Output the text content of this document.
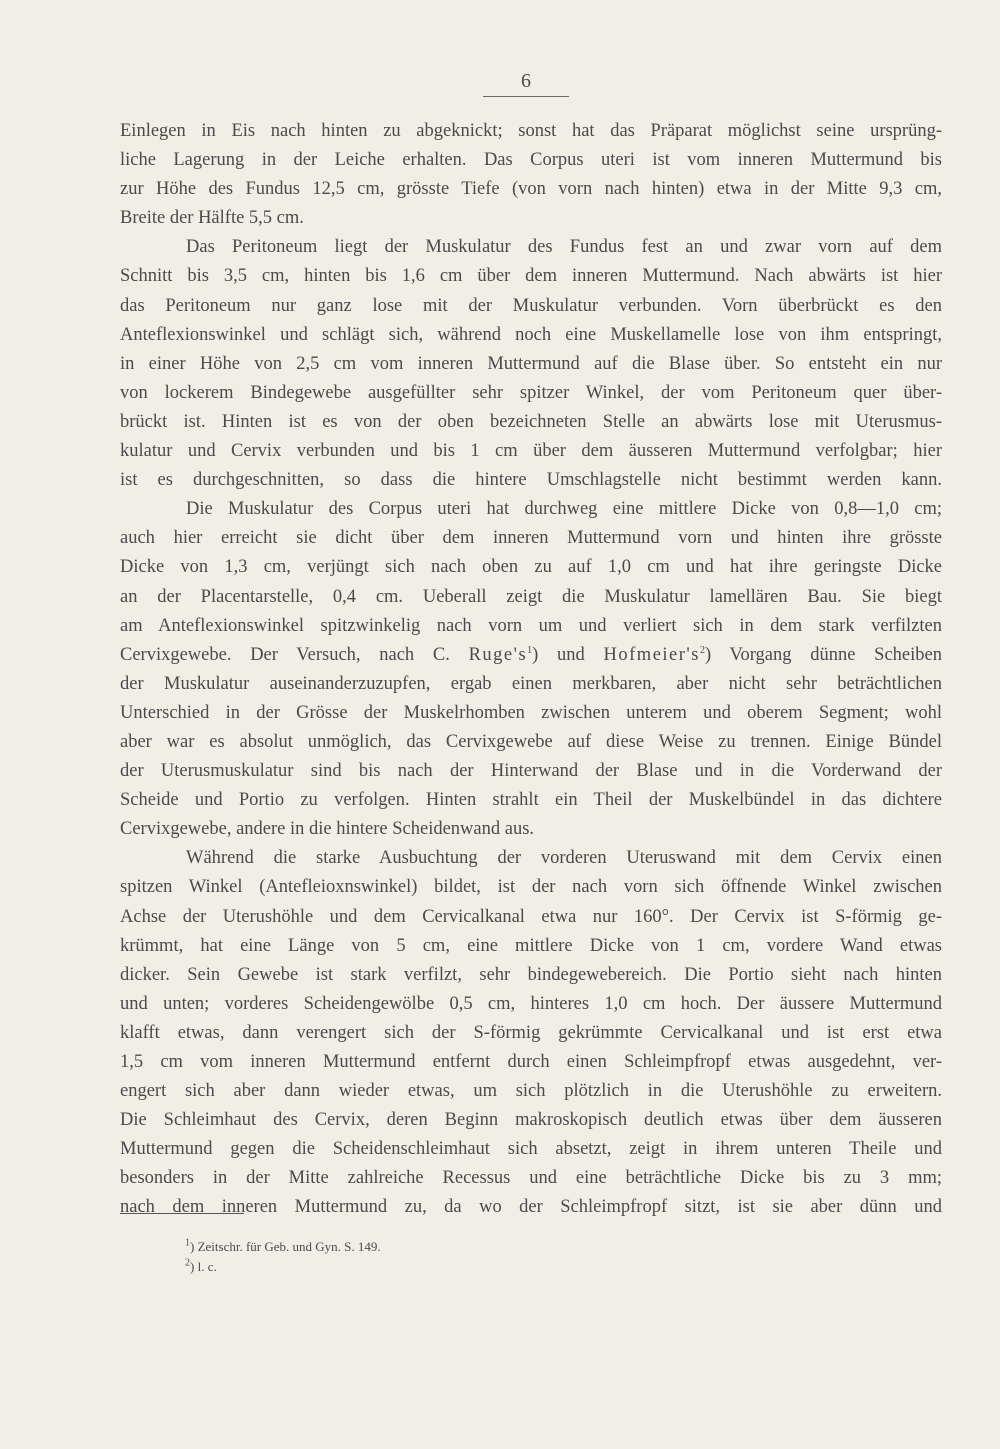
6
Einlegen in Eis nach hinten zu abgeknickt; sonst hat das Präparat möglichst seine ursprüng-
liche Lagerung in der Leiche erhalten. Das Corpus uteri ist vom inneren Muttermund bis
zur Höhe des Fundus 12,5 cm, grösste Tiefe (von vorn nach hinten) etwa in der Mitte 9,3 cm,
Breite der Hälfte 5,5 cm.
Das Peritoneum liegt der Muskulatur des Fundus fest an und zwar vorn auf dem
Schnitt bis 3,5 cm, hinten bis 1,6 cm über dem inneren Muttermund. Nach abwärts ist hier
das Peritoneum nur ganz lose mit der Muskulatur verbunden. Vorn überbrückt es den
Anteflexionswinkel und schlägt sich, während noch eine Muskellamelle lose von ihm entspringt,
in einer Höhe von 2,5 cm vom inneren Muttermund auf die Blase über. So entsteht ein nur
von lockerem Bindegewebe ausgefüllter sehr spitzer Winkel, der vom Peritoneum quer über-
brückt ist. Hinten ist es von der oben bezeichneten Stelle an abwärts lose mit Uterusmus-
kulatur und Cervix verbunden und bis 1 cm über dem äusseren Muttermund verfolgbar; hier
ist es durchgeschnitten, so dass die hintere Umschlagstelle nicht bestimmt werden kann.
Die Muskulatur des Corpus uteri hat durchweg eine mittlere Dicke von 0,8—1,0 cm;
auch hier erreicht sie dicht über dem inneren Muttermund vorn und hinten ihre grösste
Dicke von 1,3 cm, verjüngt sich nach oben zu auf 1,0 cm und hat ihre geringste Dicke
an der Placentarstelle, 0,4 cm. Ueberall zeigt die Muskulatur lamellären Bau. Sie biegt
am Anteflexionswinkel spitzwinkelig nach vorn um und verliert sich in dem stark verfilzten
Cervixgewebe. Der Versuch, nach C. $Ruge's^1$) und $Hofmeier's^2$) Vorgang dünne Scheiben
der Muskulatur auseinanderzuzupfen, ergab einen merkbaren, aber nicht sehr beträchtlichen
Unterschied in der Grösse der Muskelrhomben zwischen unterem und oberem Segment; wohl
aber war es absolut unmöglich, das Cervixgewebe auf diese Weise zu trennen. Einige Bündel
der Uterusmuskulatur sind bis nach der Hinterwand der Blase und in die Vorderwand der
Scheide und Portio zu verfolgen. Hinten strahlt ein Theil der Muskelbündel in das dichtere
Cervixgewebe, andere in die hintere Scheidenwand aus.
Während die starke Ausbuchtung der vorderen Uteruswand mit dem Cervix einen
spitzen Winkel (Antefleioxnswinkel) bildet, ist der nach vorn sich öffnende Winkel zwischen
Achse der Uterushöhle und dem Cervicalkanal etwa nur 160°. Der Cervix ist S-förmig ge-
krümmt, hat eine Länge von 5 cm, eine mittlere Dicke von 1 cm, vordere Wand etwas
dicker. Sein Gewebe ist stark verfilzt, sehr bindegewebereich. Die Portio sieht nach hinten
und unten; vorderes Scheidengewölbe 0,5 cm, hinteres 1,0 cm hoch. Der äussere Muttermund
klafft etwas, dann verengert sich der S-förmig gekrümmte Cervicalkanal und ist erst etwa
1,5 cm vom inneren Muttermund entfernt durch einen Schleimpfropf etwas ausgedehnt, ver-
engert sich aber dann wieder etwas, um sich plötzlich in die Uterushöhle zu erweitern.
Die Schleimhaut des Cervix, deren Beginn makroskopisch deutlich etwas über dem äusseren
Muttermund gegen die Scheidenschleimhaut sich absetzt, zeigt in ihrem unteren Theile und
besonders in der Mitte zahlreiche Recessus und eine beträchtliche Dicke bis zu 3 mm;
nach dem inneren Muttermund zu, da wo der Schleimpfropf sitzt, ist sie aber dünn und
$^1$) Zeitschr. für Geb. und Gyn. S. 149.
$^2$) l. c.
